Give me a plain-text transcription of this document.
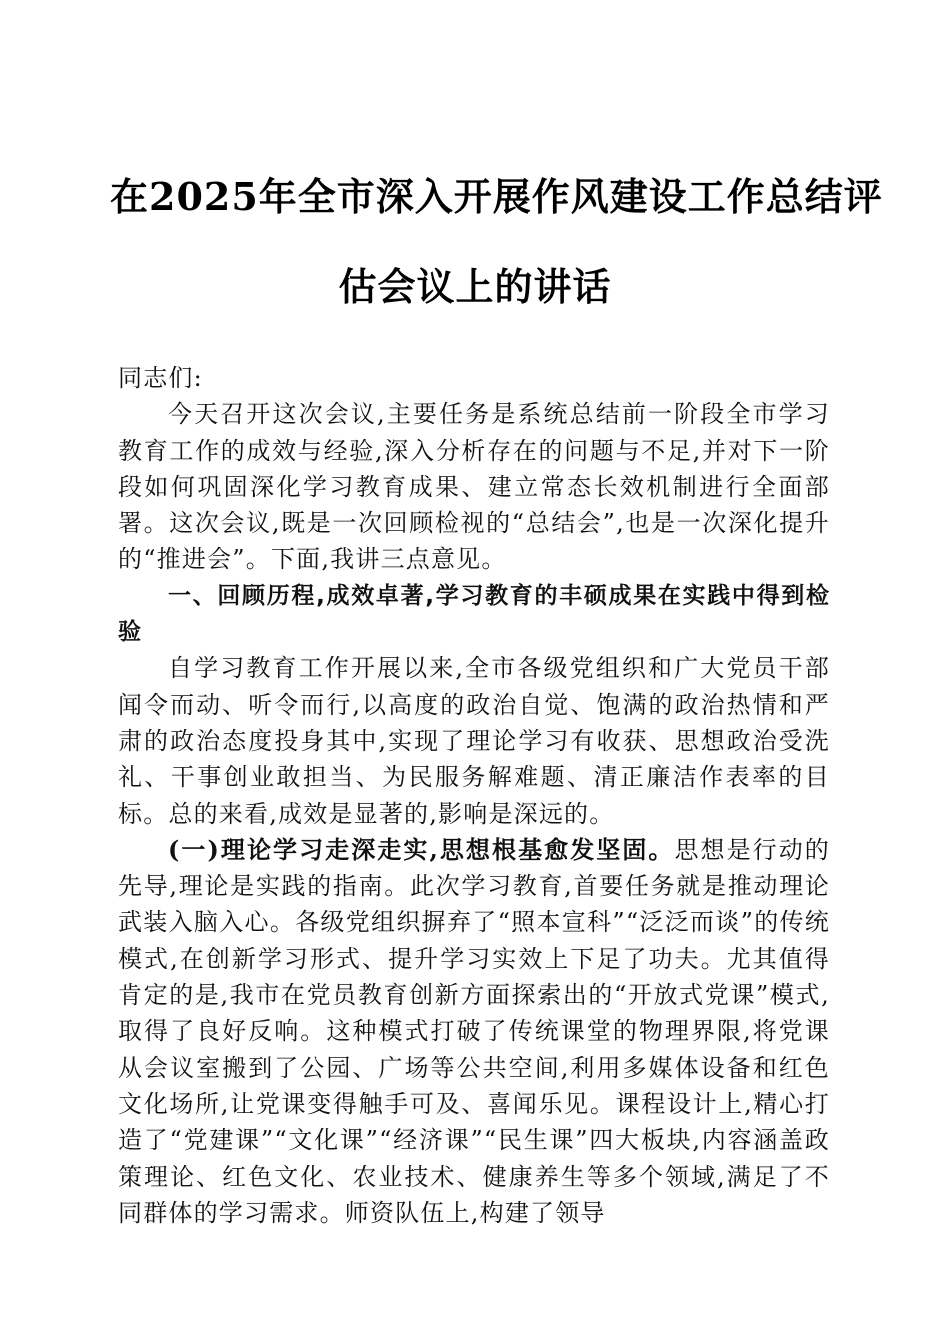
在2025年全市深入开展作风建设工作总结评
估会议上的讲话

同志们:

今天召开这次会议,主要任务是系统总结前一阶段全市学习教育工作的成效与经验,深入分析存在的问题与不足,并对下一阶段如何巩固深化学习教育成果、建立常态长效机制进行全面部署。这次会议,既是一次回顾检视的“总结会”,也是一次深化提升的“推进会”。下面,我讲三点意见。

一、回顾历程,成效卓著,学习教育的丰硕成果在实践中得到检验

自学习教育工作开展以来,全市各级党组织和广大党员干部闻令而动、听令而行,以高度的政治自觉、饱满的政治热情和严肃的政治态度投身其中,实现了理论学习有收获、思想政治受洗礼、干事创业敢担当、为民服务解难题、清正廉洁作表率的目标。总的来看,成效是显著的,影响是深远的。

(一)理论学习走深走实,思想根基愈发坚固。思想是行动的先导,理论是实践的指南。此次学习教育,首要任务就是推动理论武装入脑入心。各级党组织摒弃了“照本宣科”“泛泛而谈”的传统模式,在创新学习形式、提升学习实效上下足了功夫。尤其值得肯定的是,我市在党员教育创新方面探索出的“开放式党课”模式,取得了良好反响。这种模式打破了传统课堂的物理界限,将党课从会议室搬到了公园、广场等公共空间,利用多媒体设备和红色文化场所,让党课变得触手可及、喜闻乐见。课程设计上,精心打造了“党建课”“文化课”“经济课”“民生课”四大板块,内容涵盖政策理论、红色文化、农业技术、健康养生等多个领域,满足了不同群体的学习需求。师资队伍上,构建了领导
